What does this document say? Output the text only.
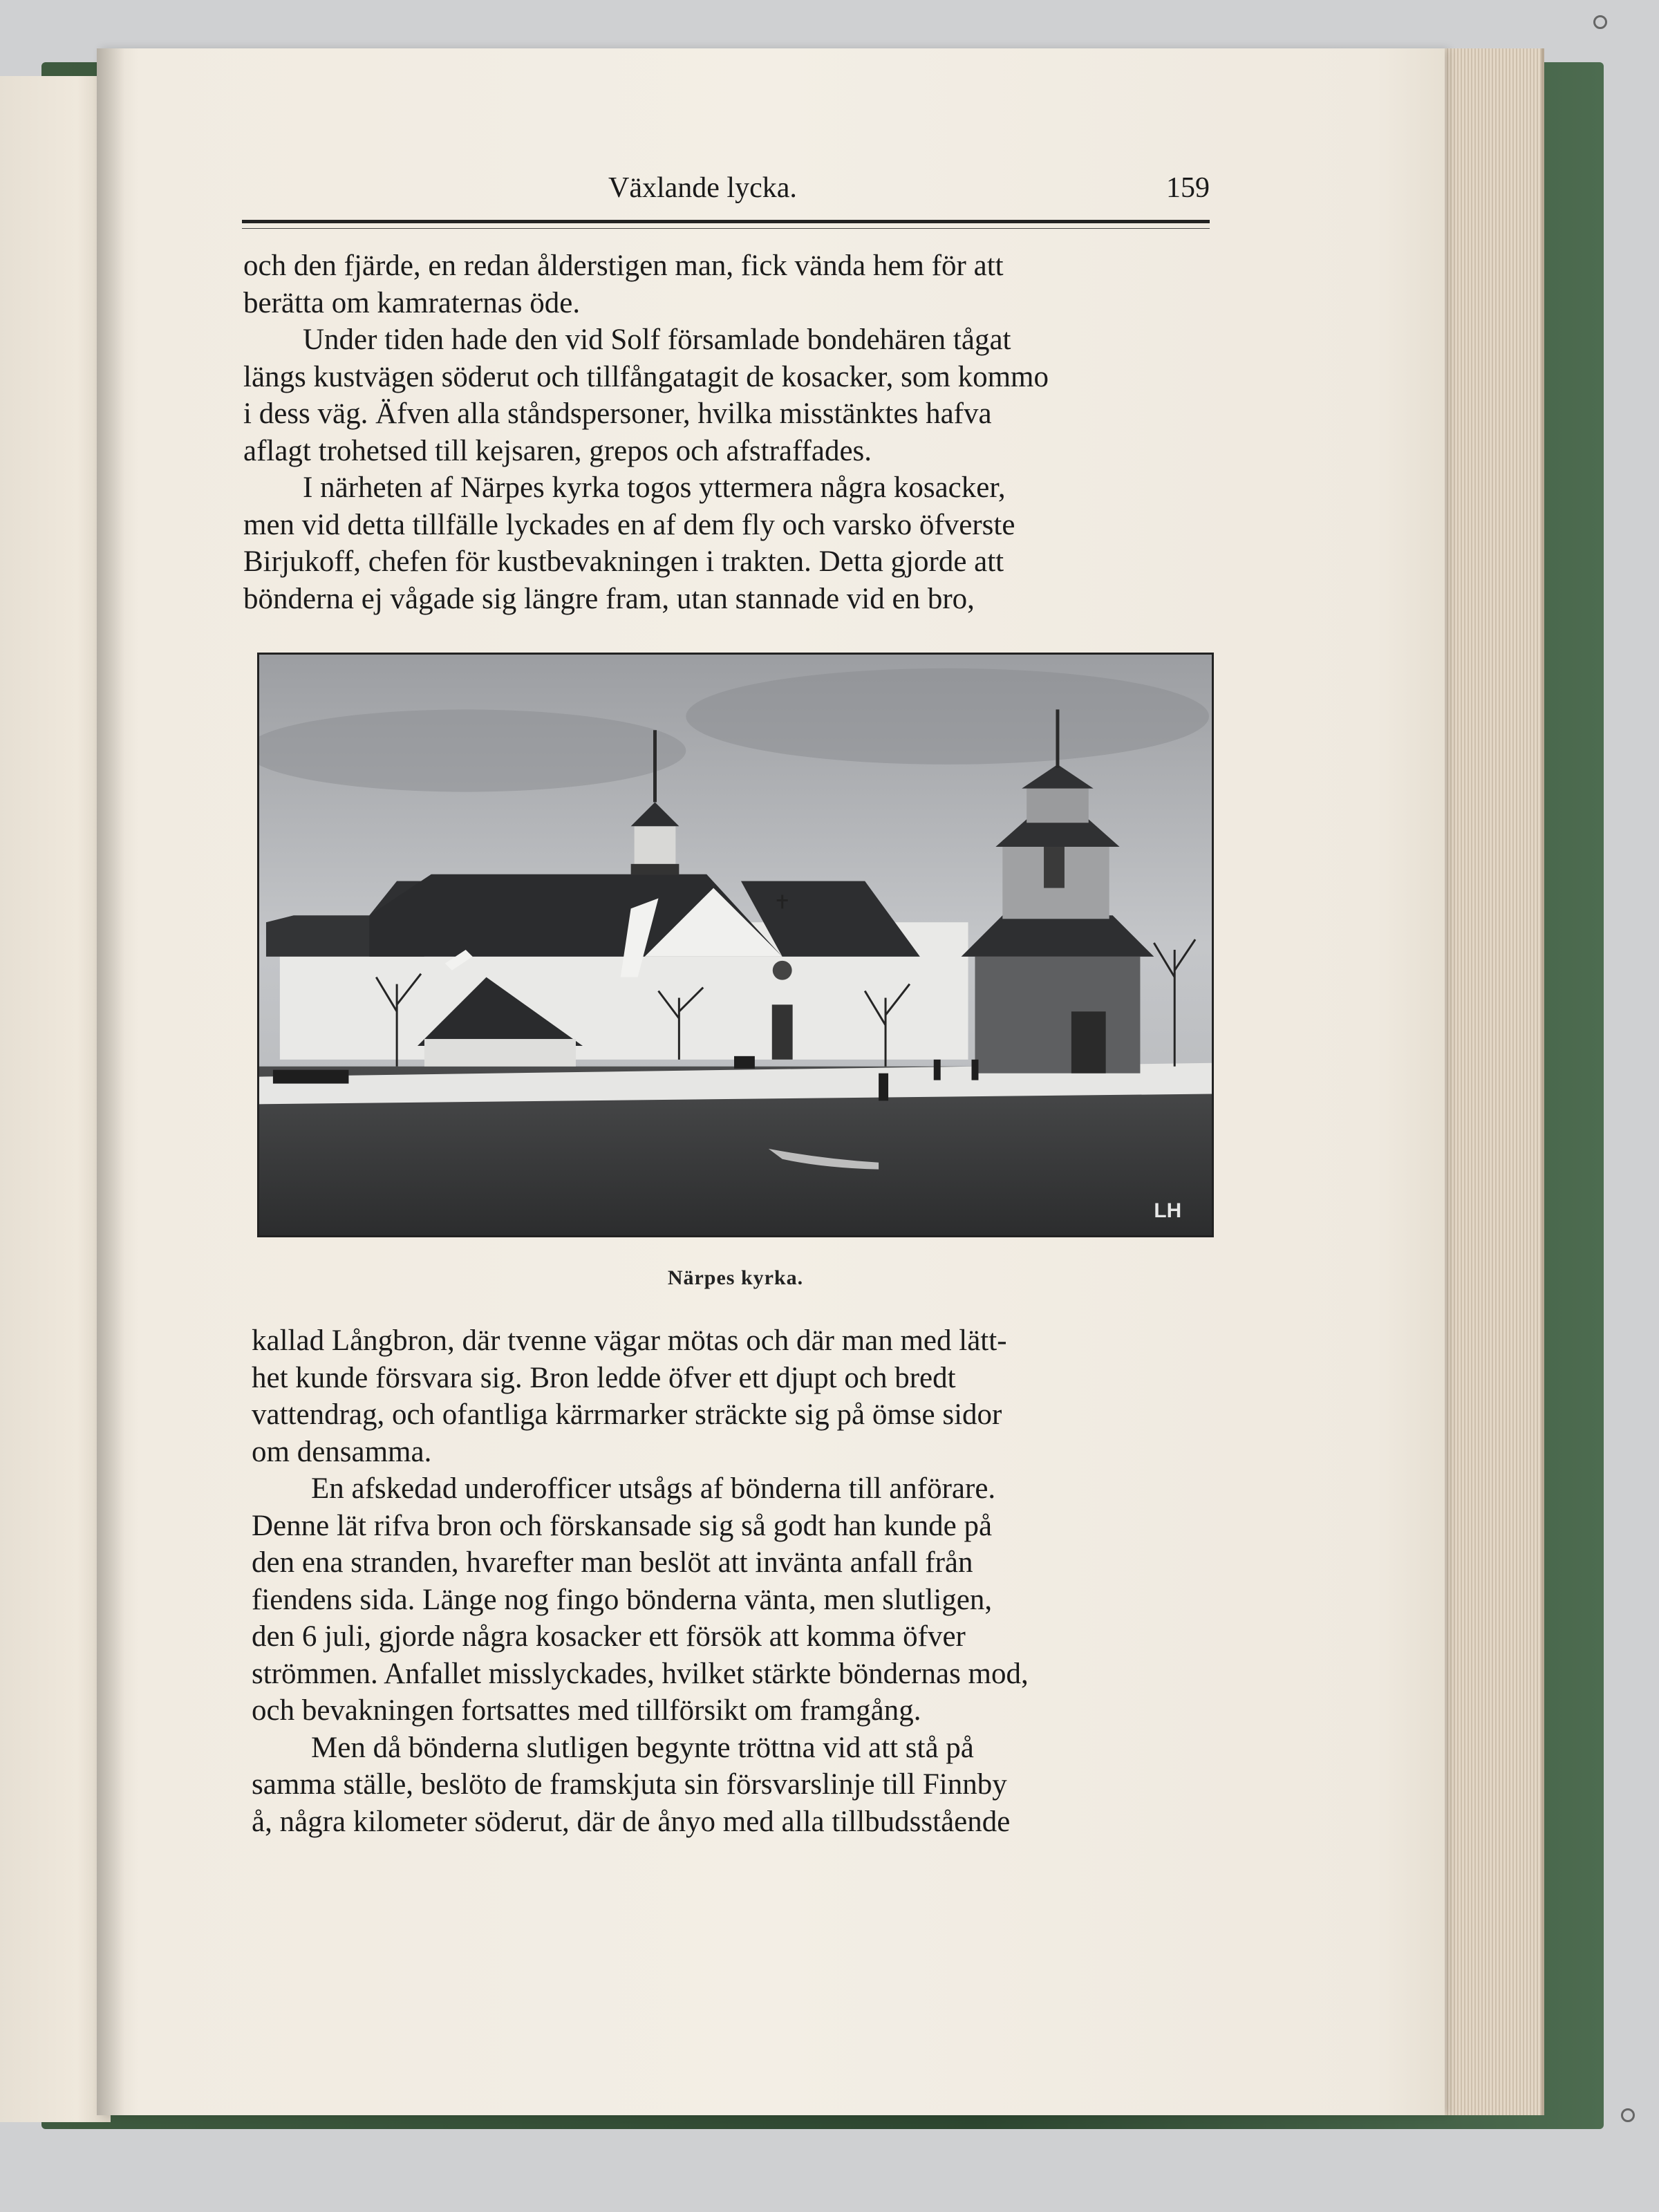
Växlande lycka.	159

och den fjärde, en redan ålderstigen man, fick vända hem för att
berätta om kamraternas öde.

Under tiden hade den vid Solf församlade bondehären tågat
längs kustvägen söderut och tillfångatagit de kosacker, som kommo
i dess väg. Äfven alla ståndspersoner, hvilka misstänktes hafva
aflagt trohetsed till kejsaren, grepos och afstraffades.

I närheten af Närpes kyrka togos yttermera några kosacker,
men vid detta tillfälle lyckades en af dem fly och varsko öfverste
Birjukoff, chefen för kustbevakningen i trakten. Detta gjorde att
bönderna ej vågade sig längre fram, utan stannade vid en bro,

LH
Närpes kyrka.

kallad Långbron, där tvenne vägar mötas och där man med lätt-
het kunde försvara sig. Bron ledde öfver ett djupt och bredt
vattendrag, och ofantliga kärrmarker sträckte sig på ömse sidor
om densamma.

En afskedad underofficer utsågs af bönderna till anförare.
Denne lät rifva bron och förskansade sig så godt han kunde på
den ena stranden, hvarefter man beslöt att invänta anfall från
fiendens sida. Länge nog fingo bönderna vänta, men slutligen,
den 6 juli, gjorde några kosacker ett försök att komma öfver
strömmen. Anfallet misslyckades, hvilket stärkte böndernas mod,
och bevakningen fortsattes med tillförsikt om framgång.

Men då bönderna slutligen begynte tröttna vid att stå på
samma ställe, beslöto de framskjuta sin försvarslinje till Finnby
å, några kilometer söderut, där de ånyo med alla tillbudsstående
